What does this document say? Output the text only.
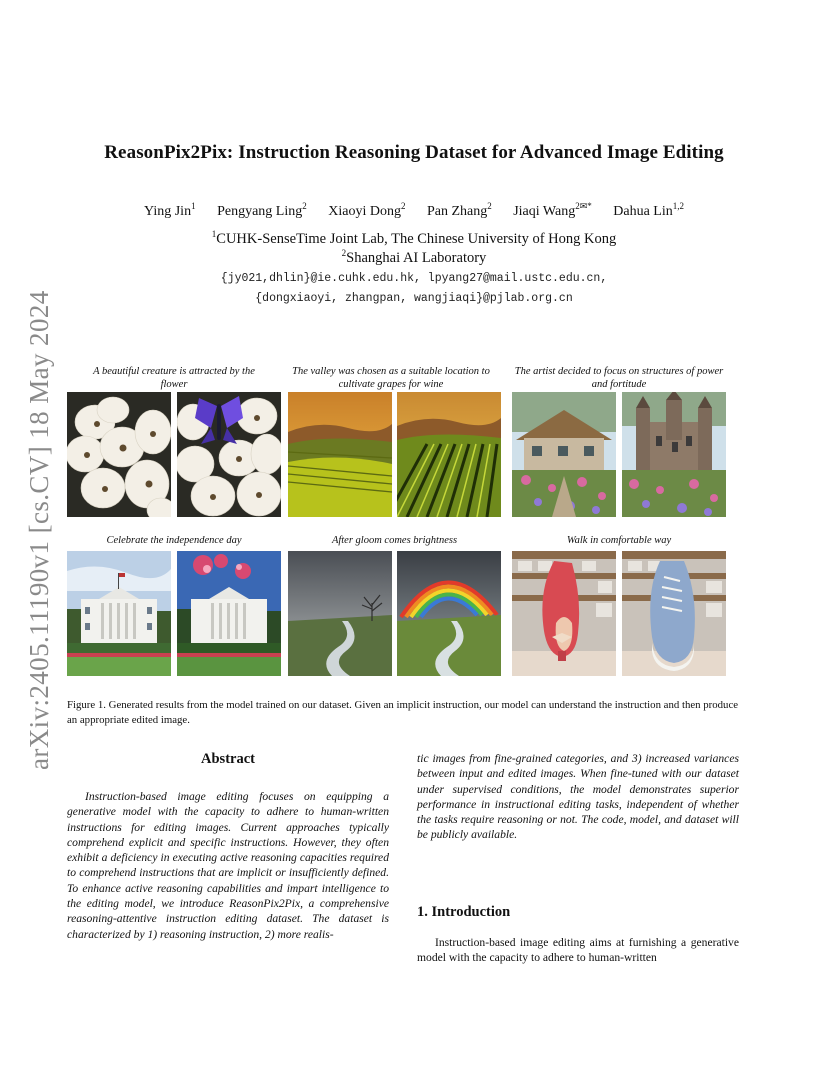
arXiv:2405.11190v1 [cs.CV] 18 May 2024
ReasonPix2Pix: Instruction Reasoning Dataset for Advanced Image Editing
Ying Jin$^1$ Pengyang Ling$^2$ Xiaoyi Dong$^2$ Pan Zhang$^2$ Jiaqi Wang$^{2✉*}$ Dahua Lin$^{1,2}$
$^1$CUHK-SenseTime Joint Lab, The Chinese University of Hong Kong
$^2$Shanghai AI Laboratory
{jy021,dhlin}@ie.cuhk.edu.hk, lpyang27@mail.ustc.edu.cn,
{dongxiaoyi, zhangpan, wangjiaqi}@pjlab.org.cn
A beautiful creature is attracted by the flower
The valley was chosen as a suitable location to cultivate grapes for wine
The artist decided to focus on structures of power and fortitude
Celebrate the independence day	After gloom comes brightness	Walk in comfortable way
Figure 1. Generated results from the model trained on our dataset. Given an implicit instruction, our model can understand the instruction and then produce an appropriate edited image.
Abstract
Instruction-based image editing focuses on equipping a generative model with the capacity to adhere to human-written instructions for editing images. Current approaches typically comprehend explicit and specific instructions. However, they often exhibit a deficiency in executing active reasoning capacities required to comprehend instructions that are implicit or insufficiently defined. To enhance active reasoning capabilities and impart intelligence to the editing model, we introduce ReasonPix2Pix, a comprehensive reasoning-attentive instruction editing dataset. The dataset is characterized by 1) reasoning instruction, 2) more realis-
tic images from fine-grained categories, and 3) increased variances between input and edited images. When fine-tuned with our dataset under supervised conditions, the model demonstrates superior performance in instructional editing tasks, independent of whether the tasks require reasoning or not. The code, model, and dataset will be publicly available.
1. Introduction
Instruction-based image editing aims at furnishing a generative model with the capacity to adhere to human-written
